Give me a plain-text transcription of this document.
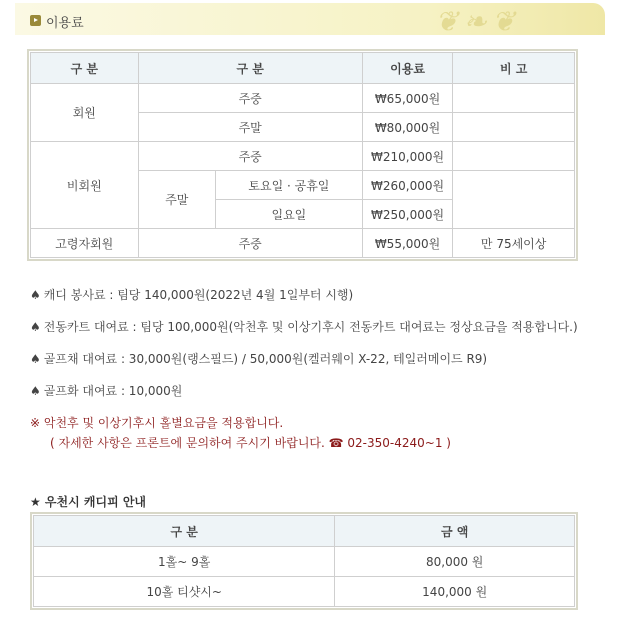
이용료	❦ ❧ ❦
구 분	구 분		이용료	비 고
회원	주중		₩65,000원	
	주말		₩80,000원	
비회원	주중		₩210,000원	
	주말	토요일 · 공휴일	₩260,000원	
		일요일	₩250,000원	
고령자회원	주중		₩55,000원	만 75세이상
♠ 캐디 봉사료 : 팀당 140,000원(2022년 4월 1일부터 시행)
♠ 전동카트 대여료 : 팀당 100,000원(악천후 및 이상기후시 전동카트 대여료는 정상요금을 적용합니다.)
♠ 골프채 대여료 : 30,000원(랭스필드) / 50,000원(켈러웨이 X-22, 테일러메이드 R9)
♠ 골프화 대여료 : 10,000원
※ 악천후 및 이상기후시 홀별요금을 적용합니다.
( 자세한 사항은 프론트에 문의하여 주시기 바랍니다. ☎ 02-350-4240~1 )
★ 우천시 캐디피 안내
구 분	금 액
1홀~ 9홀	80,000 원
10홀 티샷시~	140,000 원
